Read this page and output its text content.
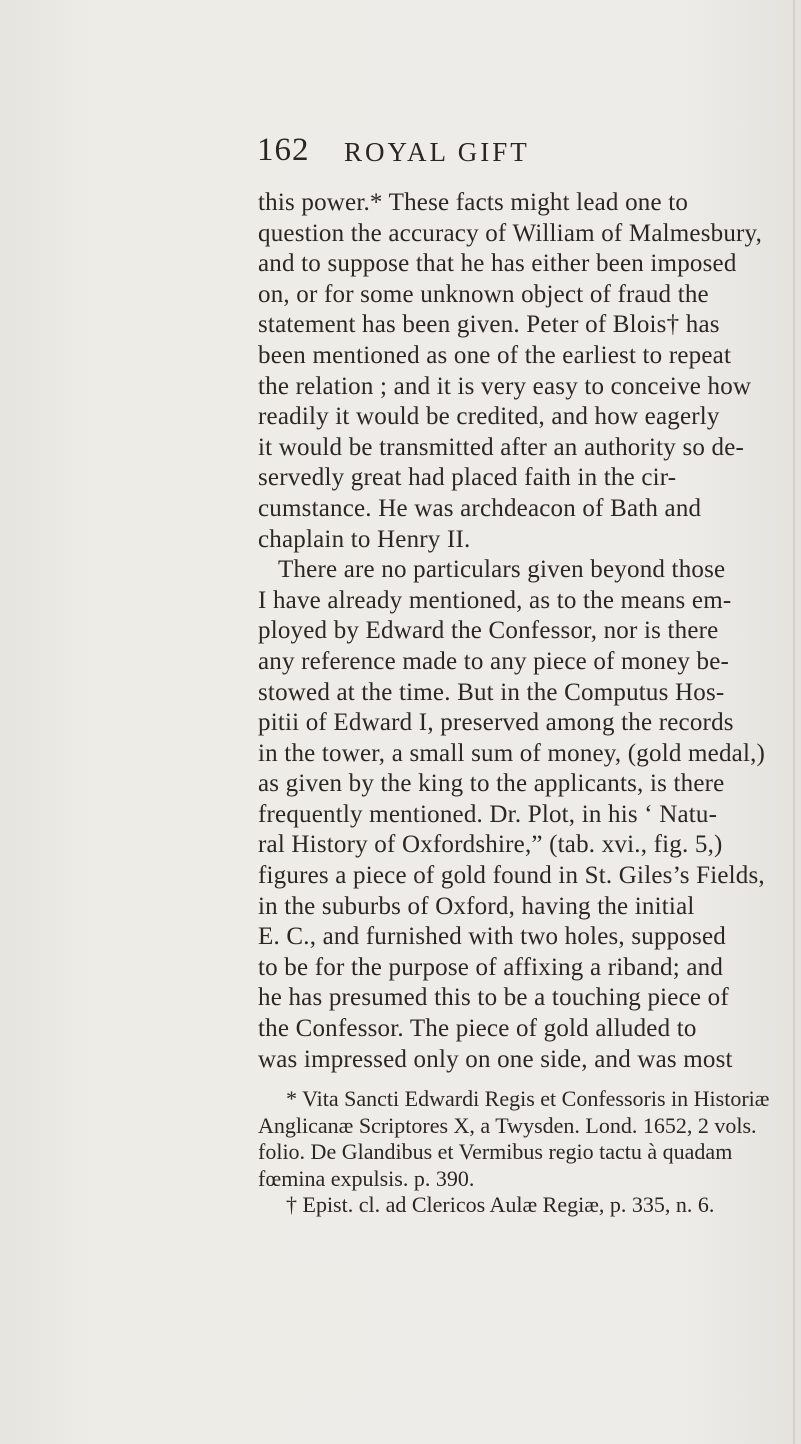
162 ROYAL GIFT
this power.* These facts might lead one to
question the accuracy of William of Malmesbury,
and to suppose that he has either been imposed
on, or for some unknown object of fraud the
statement has been given. Peter of Blois† has
been mentioned as one of the earliest to repeat
the relation ; and it is very easy to conceive how
readily it would be credited, and how eagerly
it would be transmitted after an authority so de-
servedly great had placed faith in the cir-
cumstance. He was archdeacon of Bath and
chaplain to Henry II.
There are no particulars given beyond those
I have already mentioned, as to the means em-
ployed by Edward the Confessor, nor is there
any reference made to any piece of money be-
stowed at the time. But in the Computus Hos-
pitii of Edward I, preserved among the records
in the tower, a small sum of money, (gold medal,)
as given by the king to the applicants, is there
frequently mentioned. Dr. Plot, in his ‘ Natu-
ral History of Oxfordshire,” (tab. xvi., fig. 5,)
figures a piece of gold found in St. Giles’s Fields,
in the suburbs of Oxford, having the initial
E. C., and furnished with two holes, supposed
to be for the purpose of affixing a riband; and
he has presumed this to be a touching piece of
the Confessor. The piece of gold alluded to
was impressed only on one side, and was most
* Vita Sancti Edwardi Regis et Confessoris in Historiæ
Anglicanæ Scriptores X, a Twysden. Lond. 1652, 2 vols.
folio. De Glandibus et Vermibus regio tactu à quadam
fœmina expulsis. p. 390.
† Epist. cl. ad Clericos Aulæ Regiæ, p. 335, n. 6.
